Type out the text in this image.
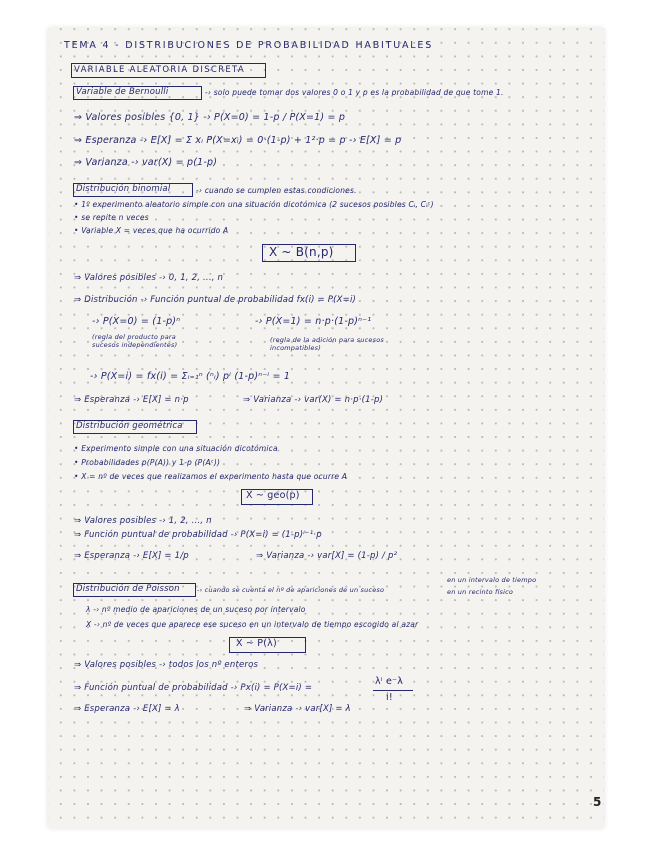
TEMA 4 - DISTRIBUCIONES DE PROBABILIDAD HABITUALES
VARIABLE ALEATORIA DISCRETA
Variable de Bernoulli	-› solo puede tomar dos valores 0 o 1 y p es la probabilidad de que tome 1.
⇒ Valores posibles {0, 1} -› P(X=0) = 1-p / P(X=1) = p
⇒ Esperanza -› E[X] = Σ xᵢ P(X=xᵢ) = 0·(1-p) + 1²·p = p -› E[X] = p
⇒ Varianza -› var(X) = p(1-p)
Distribución binomial	-› cuando se cumplen estas condiciones.
• 1º experimento aleatorio simple con una situación dicotómica (2 sucesos posibles Cᵢ, Cᵢᶜ)
• se repite n veces
• Variable X = veces que ha ocurrido A
X ~ B(n,p)
⇒ Valores posibles -› 0, 1, 2, ..., n
⇒ Distribución -› Función puntual de probabilidad fx(i) = P(X=i)
-› P(X=0) = (1-p)ⁿ
(regla del producto para sucesos independientes)
-› P(X=1) = n·p·(1-p)ⁿ⁻¹
(regla de la adición para sucesos incompatibles)
-› P(X=i) = fx(i) = Σᵢ₌₁ⁿ (ⁿᵢ) pⁱ (1-p)ⁿ⁻ⁱ = 1
⇒ Esperanza -› E[X] = n·p	⇒ Varianza -› var(X) = n·p·(1-p)
Distribución geométrica
• Experimento simple con una situación dicotómica
• Probabilidades p(P(A)) y 1-p (P(Aᶜ))
• X = nº de veces que realizamos el experimento hasta que ocurre A
X ~ geo(p)
⇒ Valores posibles -› 1, 2, ..., n
⇒ Función puntual de probabilidad -› P(X=i) = (1-p)ⁱ⁻¹·p
⇒ Esperanza -› E[X] = 1/p	⇒ Varianza -› var[X] = (1-p) / p²
Distribución de Poisson	-› cuando se cuenta el nº de apariciones de un suceso
en un intervalo de tiempo
en un recinto físico
λ -› nº medio de apariciones de un suceso por intervalo
X -› nº de veces que aparece ese suceso en un intervalo de tiempo escogido al azar
X ~ P(λ)
⇒ Valores posibles -› todos los nº enteros
⇒ Función puntual de probabilidad -› Px(i) = P(X=i) =
λⁱ e⁻λ
i!
⇒ Esperanza -› E[X] = λ	⇒ Varianza -› var[X] = λ
5
